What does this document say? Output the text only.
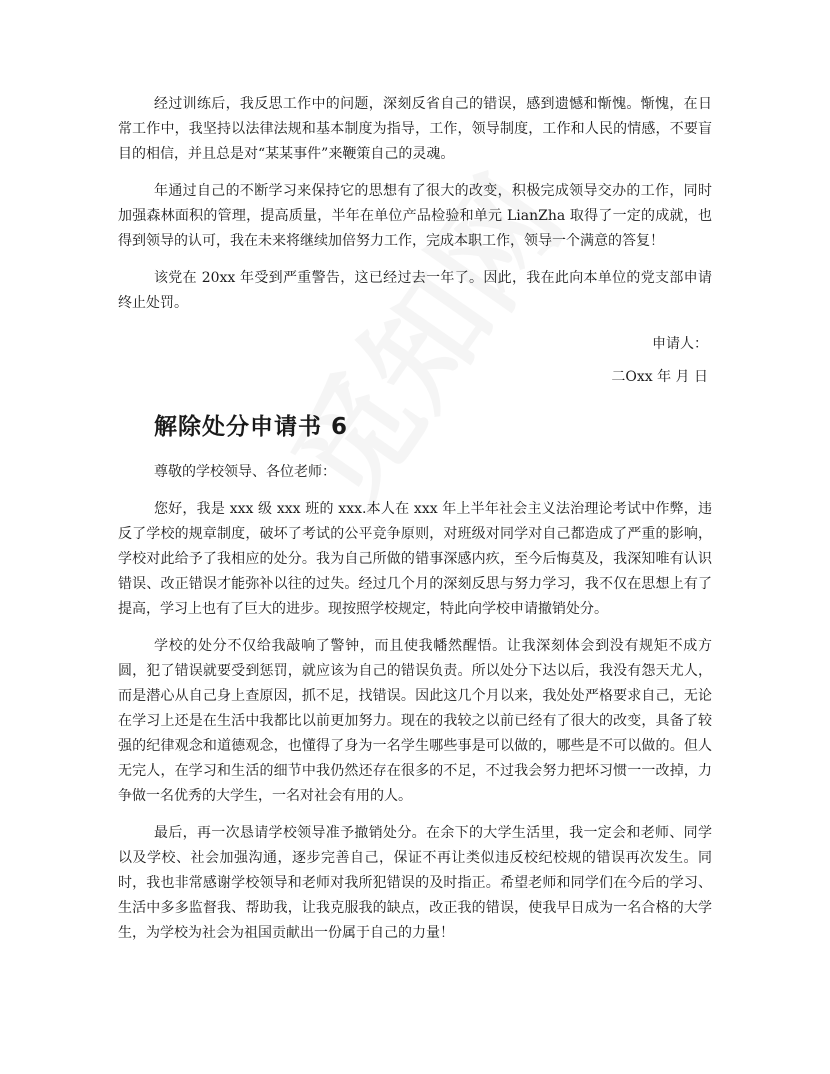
经过训练后，我反思工作中的问题，深刻反省自己的错误，感到遗憾和惭愧。惭愧，在日常工作中，我坚持以法律法规和基本制度为指导，工作，领导制度，工作和人民的情感，不要盲目的相信，并且总是对“某某事件”来鞭策自己的灵魂。

年通过自己的不断学习来保持它的思想有了很大的改变，积极完成领导交办的工作，同时加强森林面积的管理，提高质量，半年在单位产品检验和单元 LianZha 取得了一定的成就，也得到领导的认可，我在未来将继续加倍努力工作，完成本职工作，领导一个满意的答复！

该党在 20xx 年受到严重警告，这已经过去一年了。因此，我在此向本单位的党支部申请终止处罚。

申请人：

二Oxx 年 月 日

解除处分申请书 6

尊敬的学校领导、各位老师：

您好，我是 xxx 级 xxx 班的 xxx.本人在 xxx 年上半年社会主义法治理论考试中作弊，违反了学校的规章制度，破坏了考试的公平竞争原则，对班级对同学对自己都造成了严重的影响，学校对此给予了我相应的处分。我为自己所做的错事深感内疚，至今后悔莫及，我深知唯有认识错误、改正错误才能弥补以往的过失。经过几个月的深刻反思与努力学习，我不仅在思想上有了提高，学习上也有了巨大的进步。现按照学校规定，特此向学校申请撤销处分。

学校的处分不仅给我敲响了警钟，而且使我幡然醒悟。让我深刻体会到没有规矩不成方圆，犯了错误就要受到惩罚，就应该为自己的错误负责。所以处分下达以后，我没有怨天尤人，而是潜心从自己身上查原因，抓不足，找错误。因此这几个月以来，我处处严格要求自己，无论在学习上还是在生活中我都比以前更加努力。现在的我较之以前已经有了很大的改变，具备了较强的纪律观念和道德观念，也懂得了身为一名学生哪些事是可以做的，哪些是不可以做的。但人无完人，在学习和生活的细节中我仍然还存在很多的不足，不过我会努力把坏习惯一一改掉，力争做一名优秀的大学生，一名对社会有用的人。

最后，再一次恳请学校领导准予撤销处分。在余下的大学生活里，我一定会和老师、同学以及学校、社会加强沟通，逐步完善自己，保证不再让类似违反校纪校规的错误再次发生。同时，我也非常感谢学校领导和老师对我所犯错误的及时指正。希望老师和同学们在今后的学习、生活中多多监督我、帮助我，让我克服我的缺点，改正我的错误，使我早日成为一名合格的大学生，为学校为社会为祖国贡献出一份属于自己的力量！
